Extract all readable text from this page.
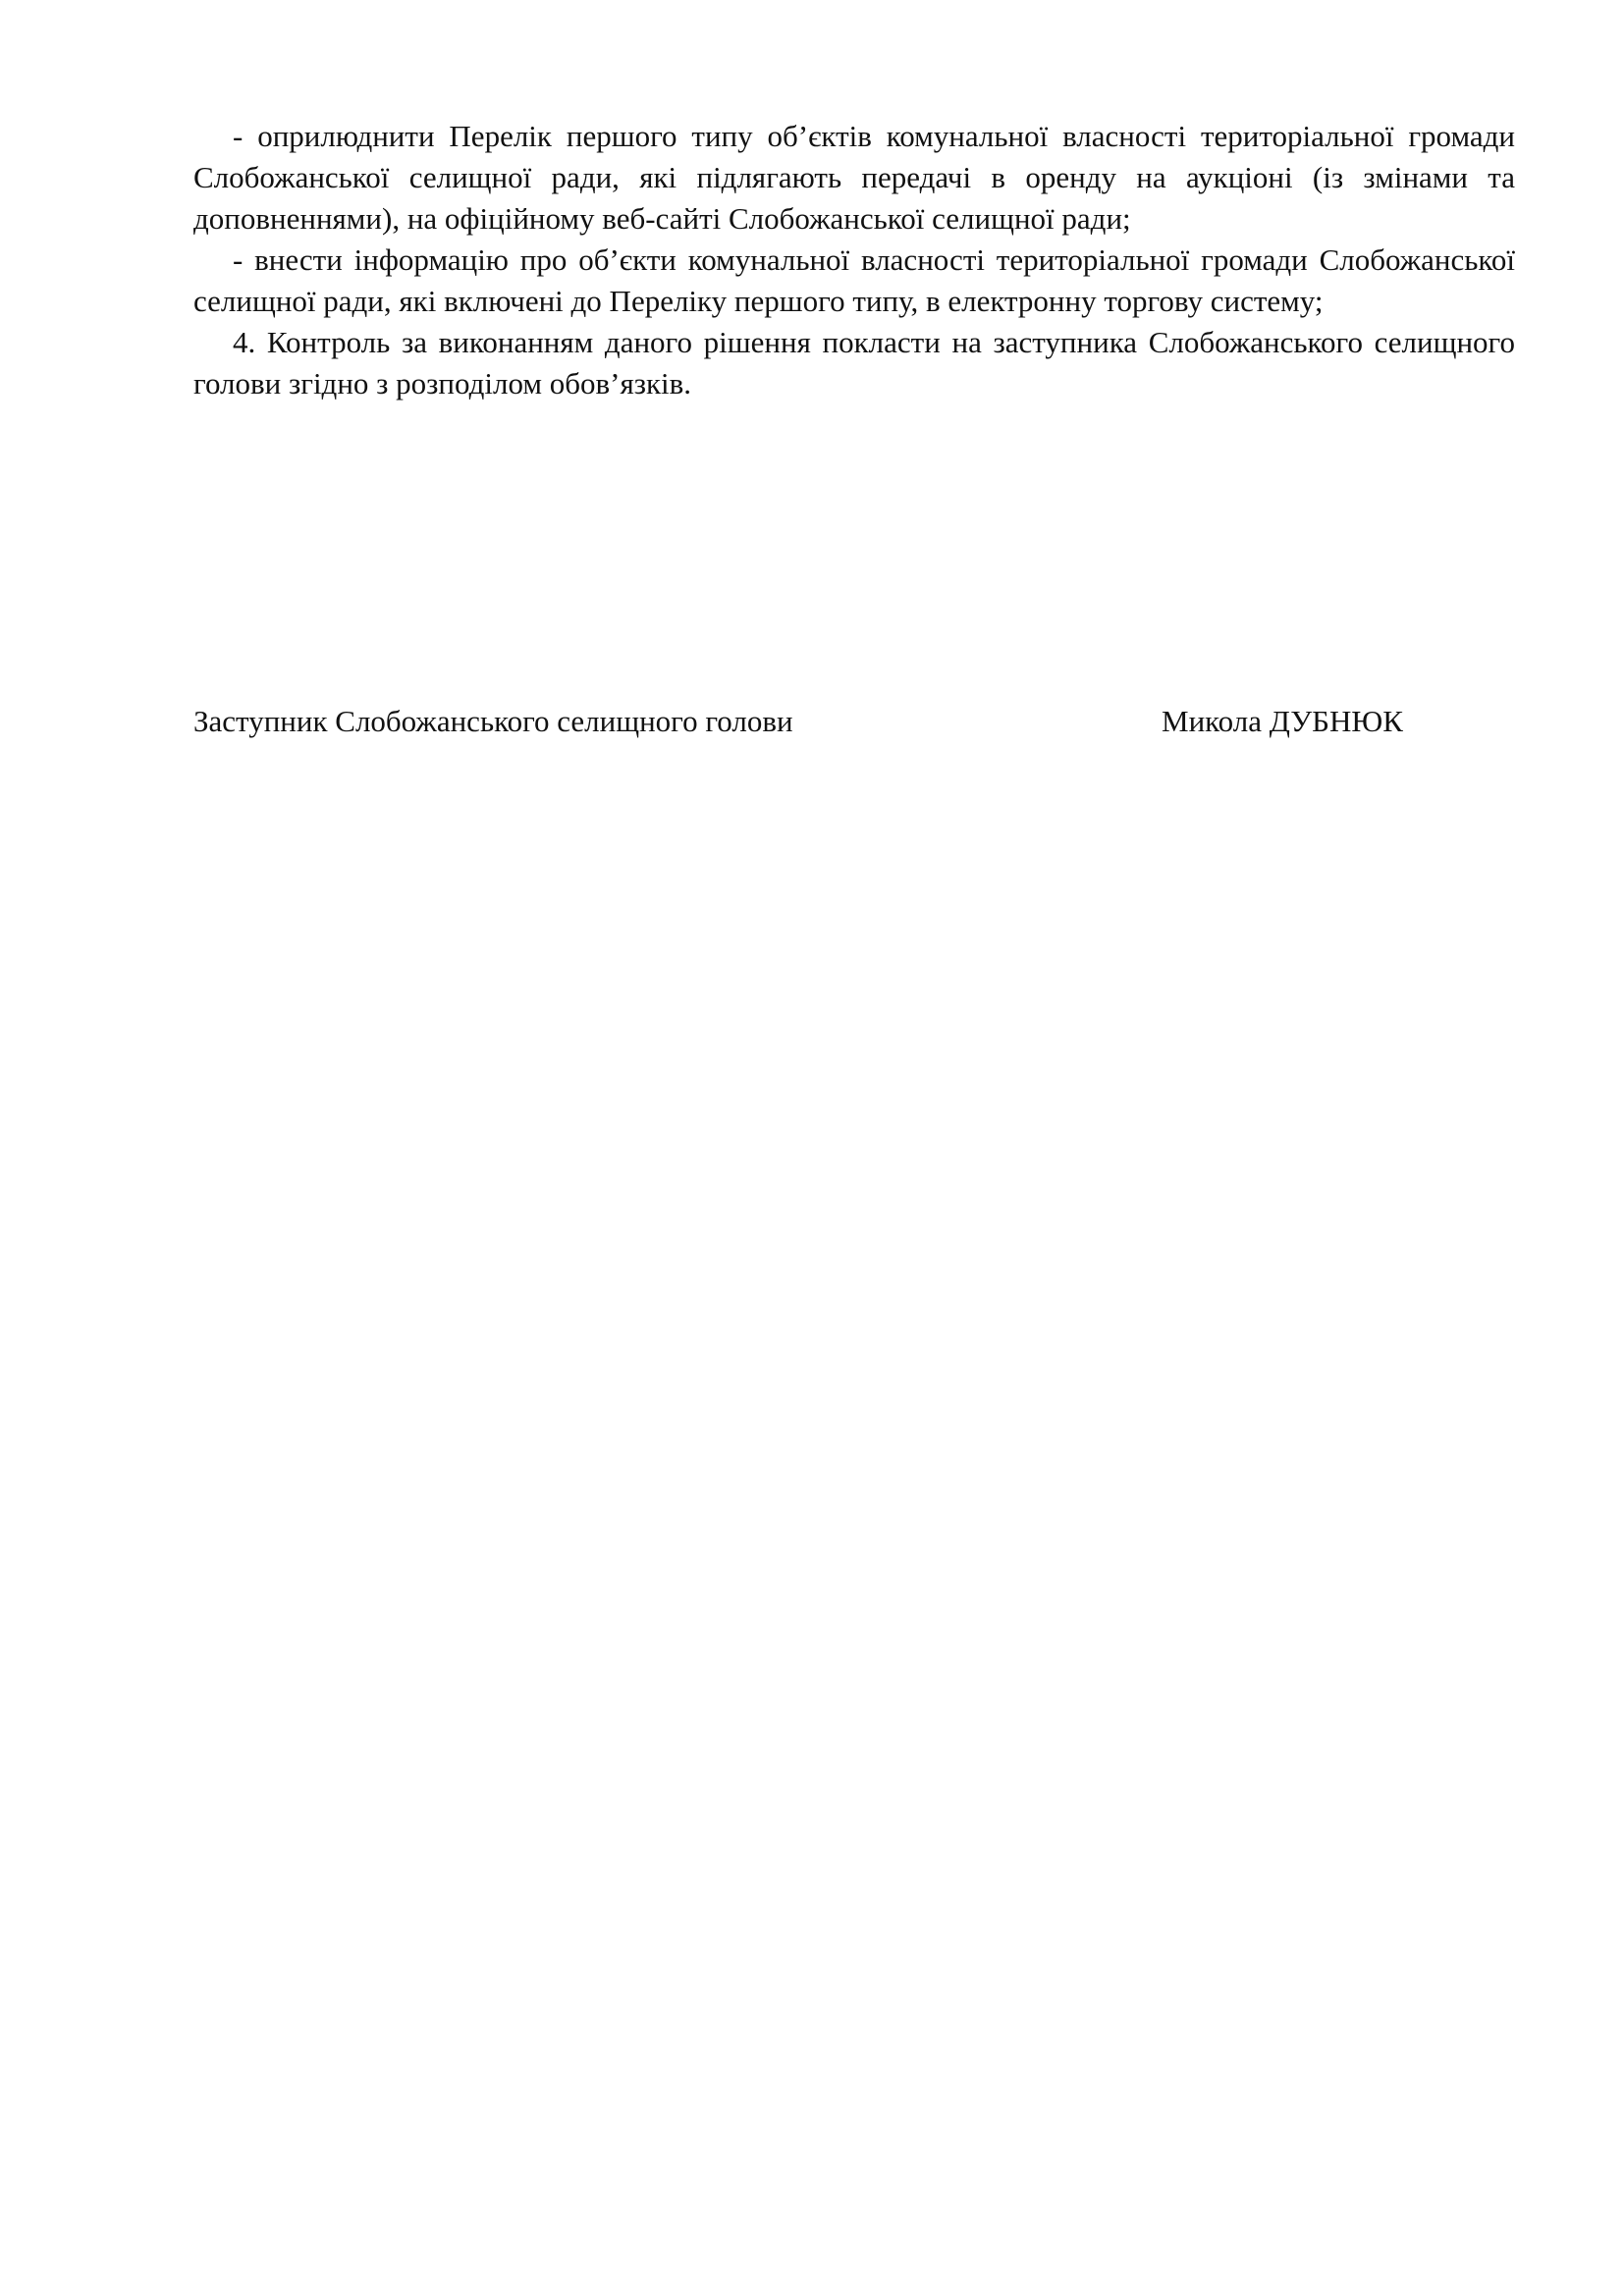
- оприлюднити Перелік першого типу об’єктів комунальної власності територіальної громади Слобожанської селищної ради, які підлягають передачі в оренду на аукціоні (із змінами та доповненнями), на офіційному веб-сайті Слобожанської селищної ради;

- внести інформацію про об’єкти комунальної власності територіальної громади Слобожанської селищної ради, які включені до Переліку першого типу, в електронну торгову систему;

4. Контроль за виконанням даного рішення покласти на заступника Слобожанського селищного голови згідно з розподілом обов’язків.

Заступник Слобожанського селищного голови	Микола ДУБНЮК
